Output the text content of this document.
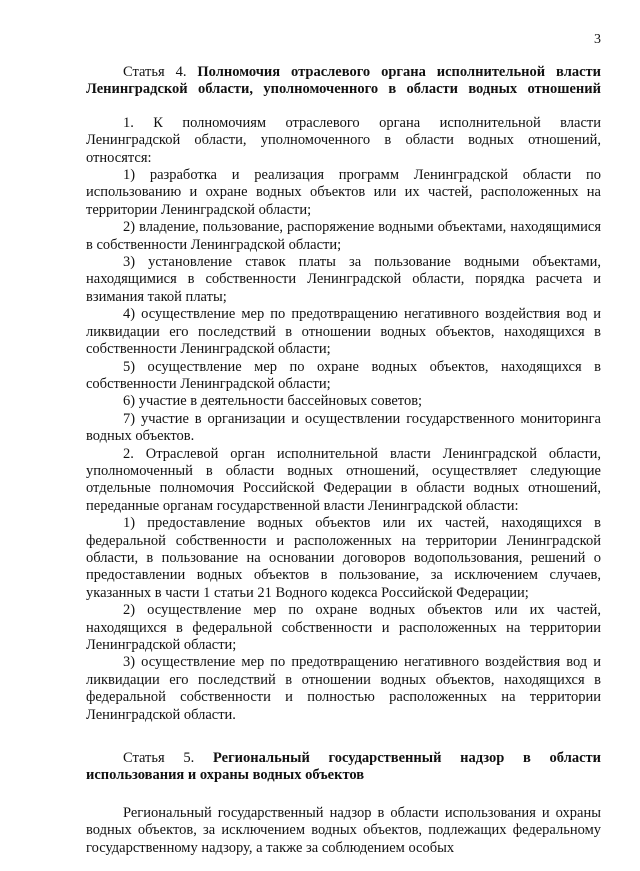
3
Статья 4. Полномочия отраслевого органа исполнительной власти Ленинградской области, уполномоченного в области водных отношений

1. К полномочиям отраслевого органа исполнительной власти Ленинградской области, уполномоченного в области водных отношений, относятся:

1) разработка и реализация программ Ленинградской области по использованию и охране водных объектов или их частей, расположенных на территории Ленинградской области;

2) владение, пользование, распоряжение водными объектами, находящимися в собственности Ленинградской области;

3) установление ставок платы за пользование водными объектами, находящимися в собственности Ленинградской области, порядка расчета и взимания такой платы;

4) осуществление мер по предотвращению негативного воздействия вод и ликвидации его последствий в отношении водных объектов, находящихся в собственности Ленинградской области;

5) осуществление мер по охране водных объектов, находящихся в собственности Ленинградской области;

6) участие в деятельности бассейновых советов;

7) участие в организации и осуществлении государственного мониторинга водных объектов.

2. Отраслевой орган исполнительной власти Ленинградской области, уполномоченный в области водных отношений, осуществляет следующие отдельные полномочия Российской Федерации в области водных отношений, переданные органам государственной власти Ленинградской области:

1) предоставление водных объектов или их частей, находящихся в федеральной собственности и расположенных на территории Ленинградской области, в пользование на основании договоров водопользования, решений о предоставлении водных объектов в пользование, за исключением случаев, указанных в части 1 статьи 21 Водного кодекса Российской Федерации;

2) осуществление мер по охране водных объектов или их частей, находящихся в федеральной собственности и расположенных на территории Ленинградской области;

3) осуществление мер по предотвращению негативного воздействия вод и ликвидации его последствий в отношении водных объектов, находящихся в федеральной собственности и полностью расположенных на территории Ленинградской области.

Статья 5. Региональный государственный надзор в области использования и охраны водных объектов

Региональный государственный надзор в области использования и охраны водных объектов, за исключением водных объектов, подлежащих федеральному государственному надзору, а также за соблюдением особых
